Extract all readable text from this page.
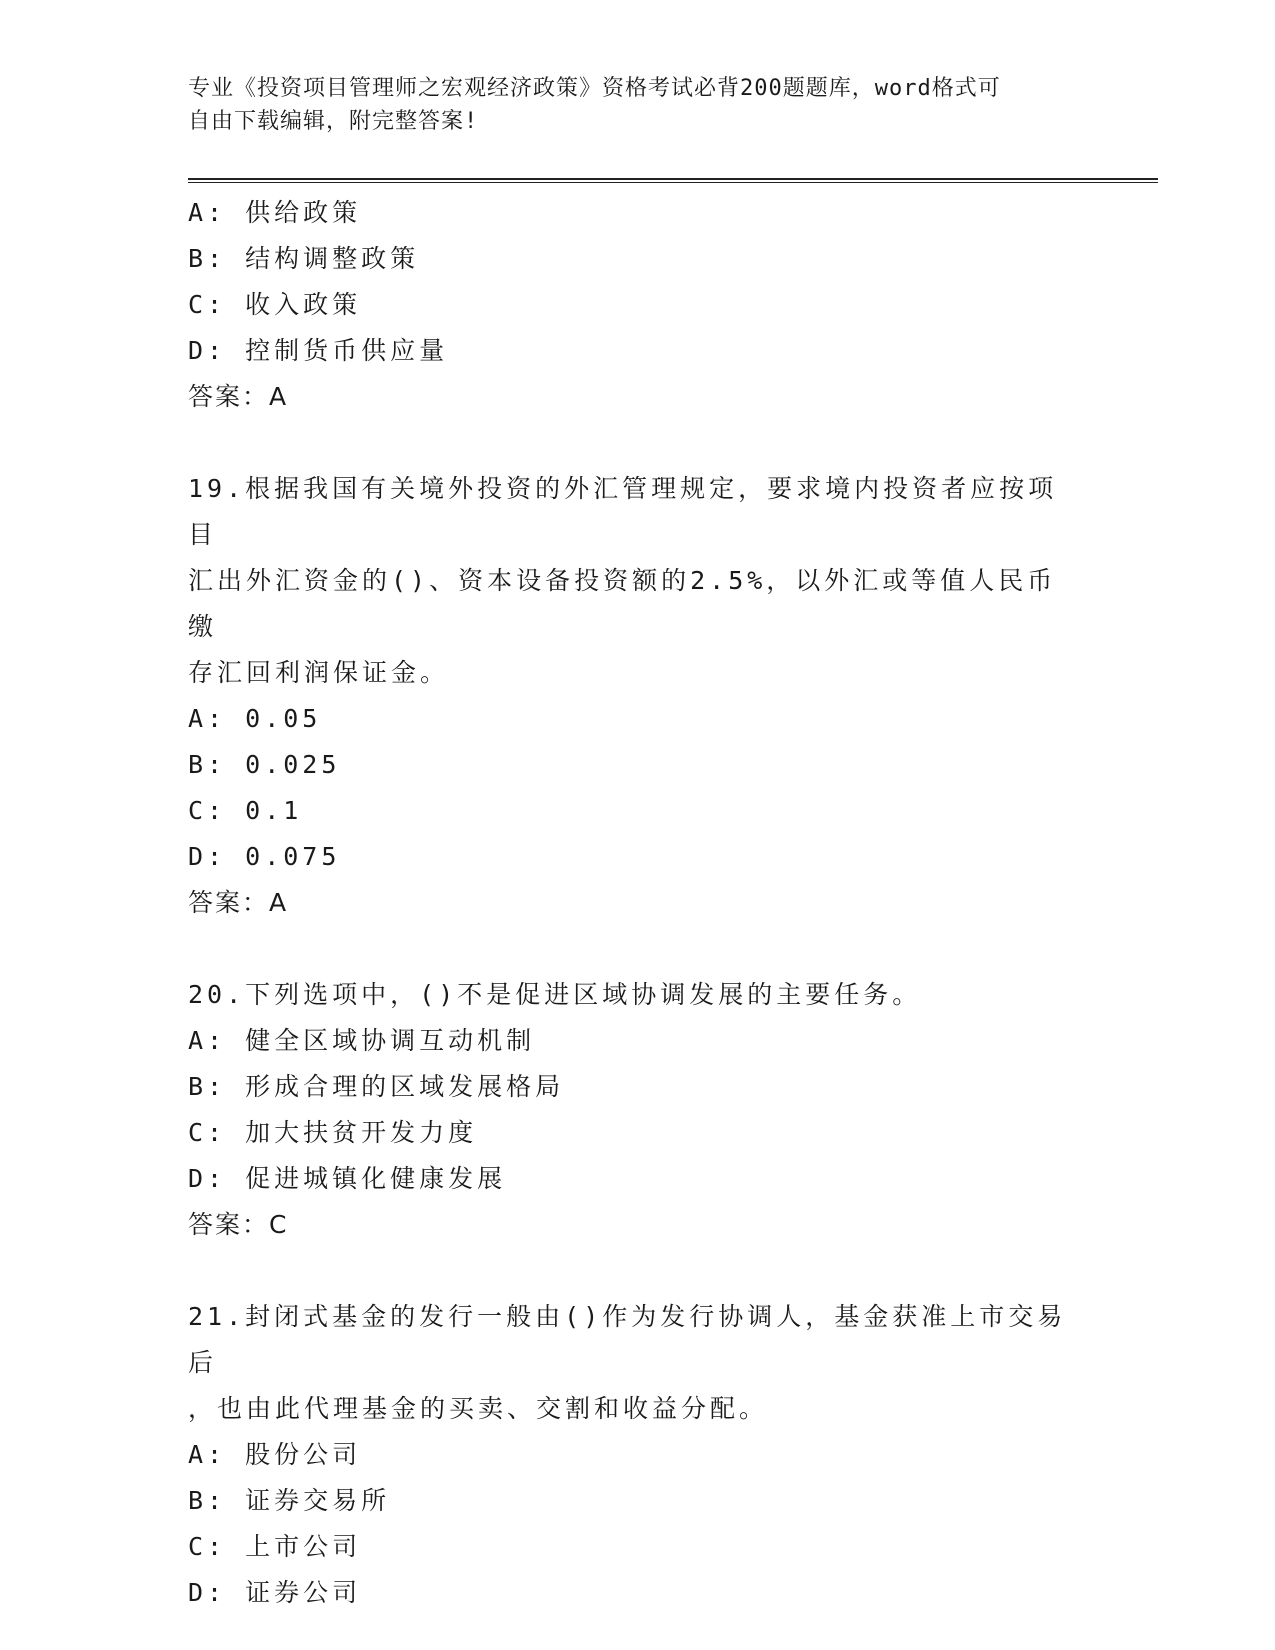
专业《投资项目管理师之宏观经济政策》资格考试必背200题题库，word格式可
自由下载编辑，附完整答案!
A: 供给政策
B: 结构调整政策
C: 收入政策
D: 控制货币供应量
答案：A
19.根据我国有关境外投资的外汇管理规定，要求境内投资者应按项目
汇出外汇资金的()、资本设备投资额的2.5%，以外汇或等值人民币缴
存汇回利润保证金。
A: 0.05
B: 0.025
C: 0.1
D: 0.075
答案：A
20.下列选项中，()不是促进区域协调发展的主要任务。
A: 健全区域协调互动机制
B: 形成合理的区域发展格局
C: 加大扶贫开发力度
D: 促进城镇化健康发展
答案：C
21.封闭式基金的发行一般由()作为发行协调人，基金获准上市交易后
，也由此代理基金的买卖、交割和收益分配。
A: 股份公司
B: 证券交易所
C: 上市公司
D: 证券公司
